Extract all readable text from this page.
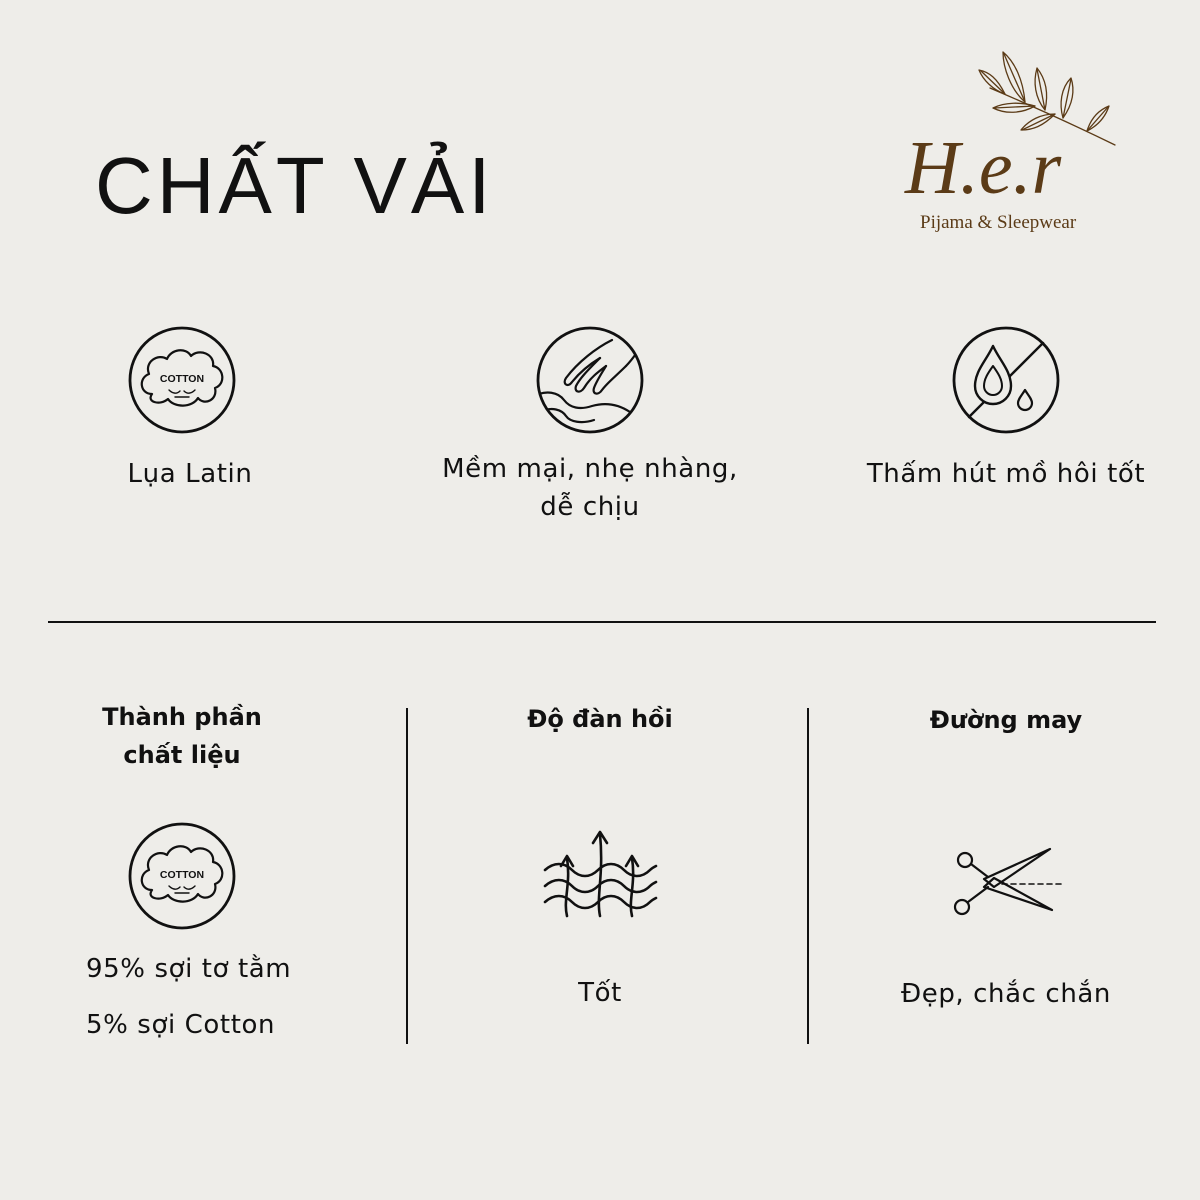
CHẤT VẢI	H.e.r
Pijama & Sleepwear
COTTON
Lụa Latin	Mềm mại, nhẹ nhàng,
dễ chịu
Thấm hút mồ hôi tốt
Thành phần
chất liệu
COTTON
95% sợi tơ tằm
5% sợi Cotton
Độ đàn hồi
Tốt
Đường may
Đẹp, chắc chắn
